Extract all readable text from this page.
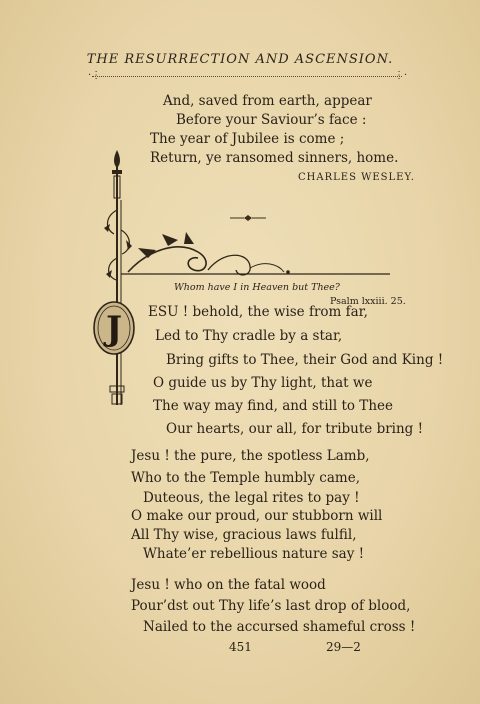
THE RESURRECTION AND ASCENSION.
·⋮	⋮·
And, saved from earth, appear
Before your Saviour’s face :
The year of Jubilee is come ;
Return, ye ransomed sinners, home.
CHARLES WESLEY.
J
Whom have I in Heaven but Thee?
Psalm lxxiii. 25.
ESU ! behold, the wise from far,
Led to Thy cradle by a star,
Bring gifts to Thee, their God and King !
O guide us by Thy light, that we
The way may find, and still to Thee
Our hearts, our all, for tribute bring !
Jesu ! the pure, the spotless Lamb,
Who to the Temple humbly came,
Duteous, the legal rites to pay !
O make our proud, our stubborn will
All Thy wise, gracious laws fulfil,
Whate’er rebellious nature say !
Jesu ! who on the fatal wood
Pour’dst out Thy life’s last drop of blood,
Nailed to the accursed shameful cross !
451	29—2
